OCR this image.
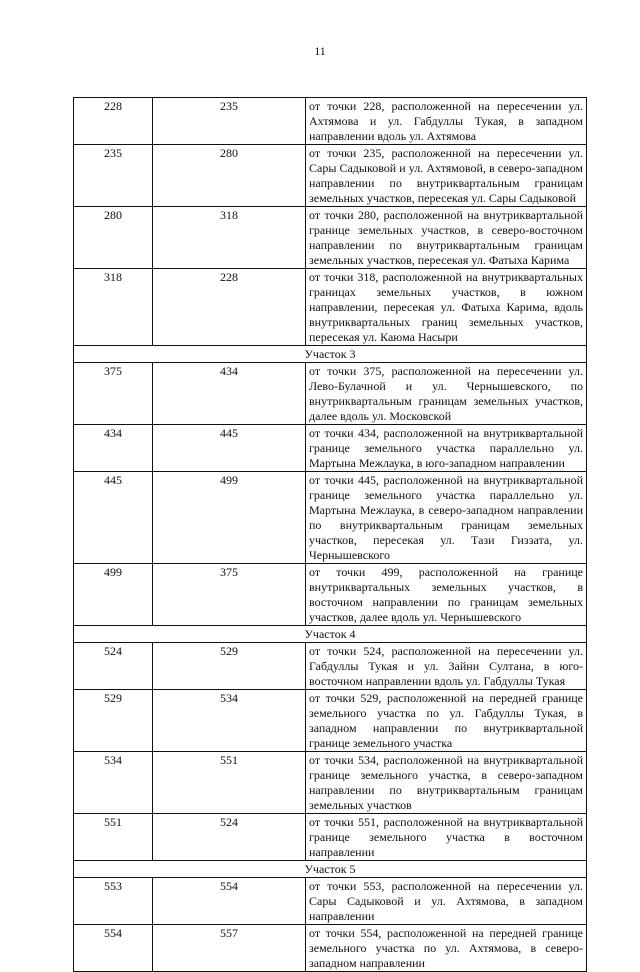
11
228	235	от точки 228, расположенной на пересечении ул. Ахтямова и ул. Габдуллы Тукая, в западном направлении вдоль ул. Ахтямова
235	280	от точки 235, расположенной на пересечении ул. Сары Садыковой и ул. Ахтямовой, в северо-западном направлении по внутриквартальным границам земельных участков, пересекая ул. Сары Садыковой
280	318	от точки 280, расположенной на внутриквартальной границе земельных участков, в северо-восточном направлении по внутриквартальным границам земельных участков, пересекая ул. Фатыха Карима
318	228	от точки 318, расположенной на внутриквартальных границах земельных участков, в южном направлении, пересекая ул. Фатыха Карима, вдоль внутриквартальных границ земельных участков, пересекая ул. Каюма Насыри
Участок 3		
375	434	от точки 375, расположенной на пересечении ул. Лево-Булачной и ул. Чернышевского, по внутриквартальным границам земельных участков, далее вдоль ул. Московской
434	445	от точки 434, расположенной на внутриквартальной границе земельного участка параллельно ул. Мартына Межлаука, в юго-западном направлении
445	499	от точки 445, расположенной на внутриквартальной границе земельного участка параллельно ул. Мартына Межлаука, в северо-западном направлении по внутриквартальным границам земельных участков, пересекая ул. Тази Гиззата, ул. Чернышевского
499	375	от точки 499, расположенной на границе внутриквартальных земельных участков, в восточном направлении по границам земельных участков, далее вдоль ул. Чернышевского
Участок 4		
524	529	от точки 524, расположенной на пересечении ул. Габдуллы Тукая и ул. Зайни Султана, в юго-восточном направлении вдоль ул. Габдуллы Тукая
529	534	от точки 529, расположенной на передней границе земельного участка по ул. Габдуллы Тукая, в западном направлении по внутриквартальной границе земельного участка
534	551	от точки 534, расположенной на внутриквартальной границе земельного участка, в северо-западном направлении по внутриквартальным границам земельных участков
551	524	от точки 551, расположенной на внутриквартальной границе земельного участка в восточном направлении
Участок 5		
553	554	от точки 553, расположенной на пересечении ул. Сары Садыковой и ул. Ахтямова, в западном направлении
554	557	от точки 554, расположенной на передней границе земельного участка по ул. Ахтямова, в северо-западном направлении
